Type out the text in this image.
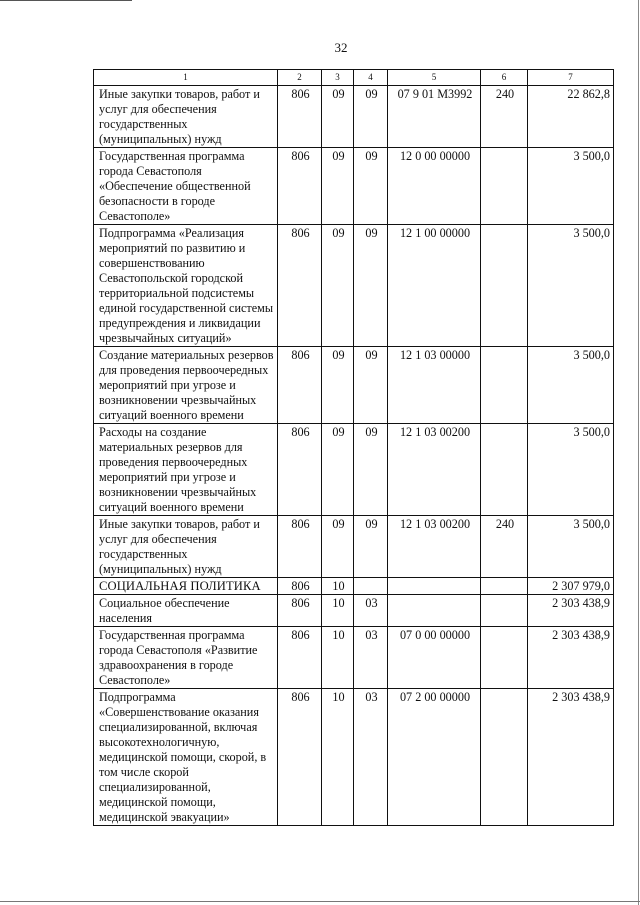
32
1	2	3	4	5	6	7
Иные закупки товаров, работ и услуг для обеспечения государственных (муниципальных) нужд	806	09	09	07 9 01 М3992	240	22 862,8
Государственная программа города Севастополя «Обеспечение общественной безопасности в городе Севастополе»	806	09	09	12 0 00 00000		3 500,0
Подпрограмма «Реализация мероприятий по развитию и совершенствованию Севастопольской городской территориальной подсистемы единой государственной системы предупреждения и ликвидации чрезвычайных ситуаций»	806	09	09	12 1 00 00000		3 500,0
Создание материальных резервов для проведения первоочередных мероприятий при угрозе и возникновении чрезвычайных ситуаций военного времени	806	09	09	12 1 03 00000		3 500,0
Расходы на создание материальных резервов для проведения первоочередных мероприятий при угрозе и возникновении чрезвычайных ситуаций военного времени	806	09	09	12 1 03 00200		3 500,0
Иные закупки товаров, работ и услуг для обеспечения государственных (муниципальных) нужд	806	09	09	12 1 03 00200	240	3 500,0
СОЦИАЛЬНАЯ ПОЛИТИКА	806	10				2 307 979,0
Социальное обеспечение населения	806	10	03			2 303 438,9
Государственная программа города Севастополя «Развитие здравоохранения в городе Севастополе»	806	10	03	07 0 00 00000		2 303 438,9
Подпрограмма «Совершенствование оказания специализированной, включая высокотехнологичную, медицинской помощи, скорой, в том числе скорой специализированной, медицинской помощи, медицинской эвакуации»	806	10	03	07 2 00 00000		2 303 438,9
